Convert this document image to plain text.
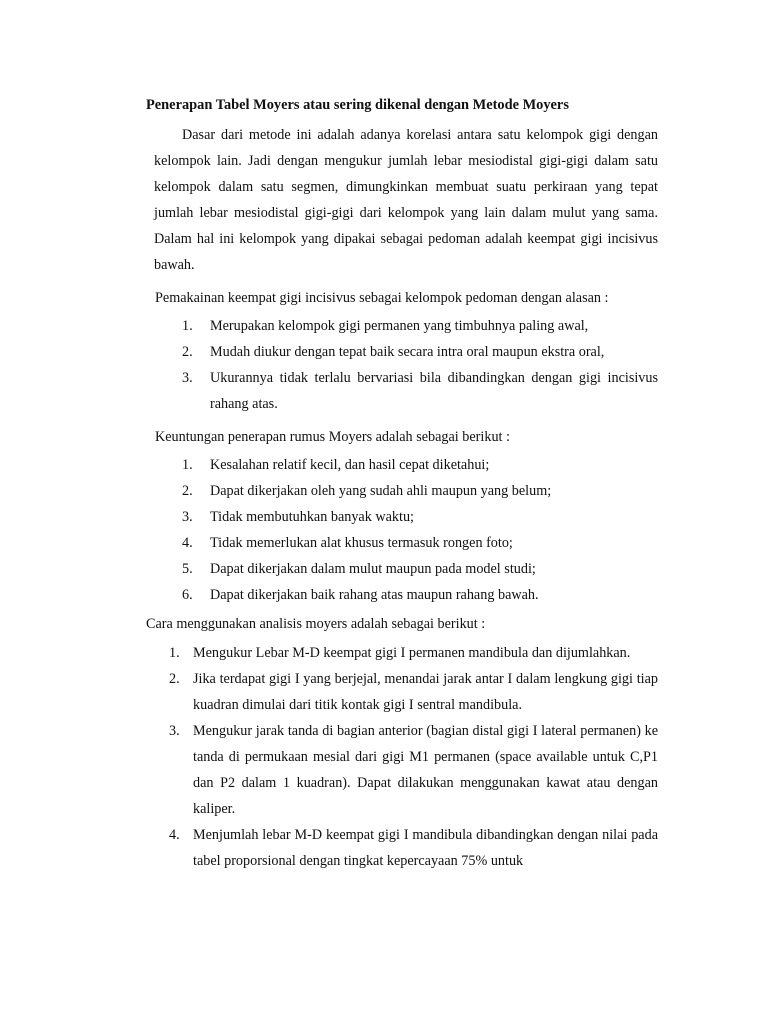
Penerapan Tabel Moyers atau sering dikenal dengan Metode Moyers

Dasar dari metode ini adalah adanya korelasi antara satu kelompok gigi dengan kelompok lain. Jadi dengan mengukur jumlah lebar mesiodistal gigi-gigi dalam satu kelompok dalam satu segmen, dimungkinkan membuat suatu perkiraan yang tepat jumlah lebar mesiodistal gigi-gigi dari kelompok yang lain dalam mulut yang sama. Dalam hal ini kelompok yang dipakai sebagai pedoman adalah keempat gigi incisivus bawah.

Pemakainan keempat gigi incisivus sebagai kelompok pedoman dengan alasan :
1. Merupakan kelompok gigi permanen yang timbuhnya paling awal,
2. Mudah diukur dengan tepat baik secara intra oral maupun ekstra oral,
3. Ukurannya tidak terlalu bervariasi bila dibandingkan dengan gigi incisivus rahang atas.
Keuntungan penerapan rumus Moyers adalah sebagai berikut :
1. Kesalahan relatif kecil, dan hasil cepat diketahui;
2. Dapat dikerjakan oleh yang sudah ahli maupun yang belum;
3. Tidak membutuhkan banyak waktu;
4. Tidak memerlukan alat khusus termasuk rongen foto;
5. Dapat dikerjakan dalam mulut maupun pada model studi;
6. Dapat dikerjakan baik rahang atas maupun rahang bawah.
Cara menggunakan analisis moyers adalah sebagai berikut :
1. Mengukur Lebar M-D keempat gigi I permanen mandibula dan dijumlahkan.
2. Jika terdapat gigi I yang berjejal, menandai jarak antar I dalam lengkung gigi tiap kuadran dimulai dari titik kontak gigi I sentral mandibula.
3. Mengukur jarak tanda di bagian anterior (bagian distal gigi I lateral permanen) ke tanda di permukaan mesial dari gigi M1 permanen (space available untuk C,P1 dan P2 dalam 1 kuadran). Dapat dilakukan menggunakan kawat atau dengan kaliper.
4. Menjumlah lebar M-D keempat gigi I mandibula dibandingkan dengan nilai pada tabel proporsional dengan tingkat kepercayaan 75% untuk
